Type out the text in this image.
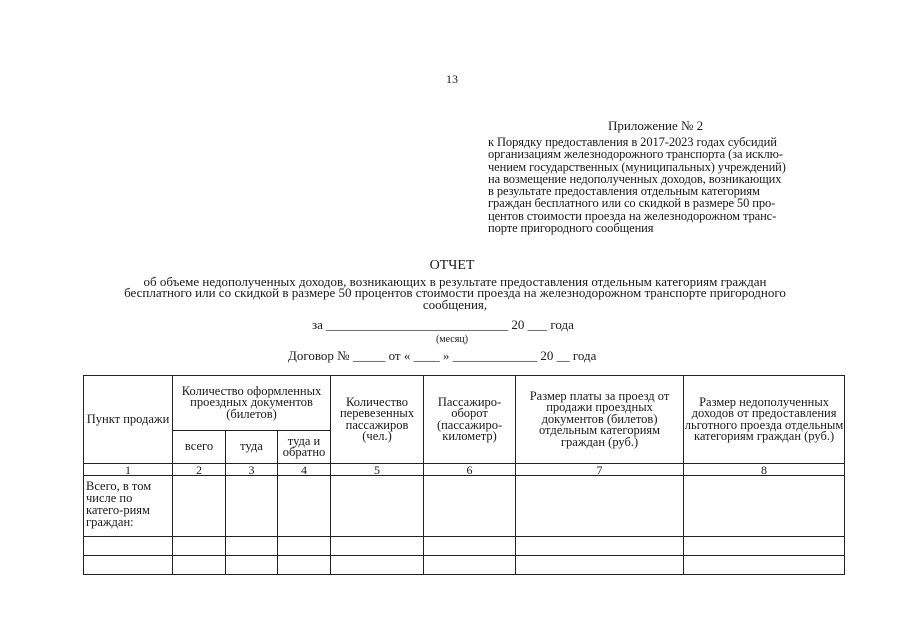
13
Приложение № 2
к Порядку предоставления в 2017-2023 годах субсидий
организациям железнодорожного транспорта (за исклю-
чением государственных (муниципальных) учреждений)
на возмещение недополученных доходов, возникающих
в результате предоставления отдельным категориям
граждан бесплатного или со скидкой в размере 50 про-
центов стоимости проезда на железнодорожном транс-
порте пригородного сообщения
ОТЧЕТ
об объеме недополученных доходов, возникающих в результате предоставления отдельным категориям граждан
бесплатного или со скидкой в размере 50 процентов стоимости проезда на железнодорожном транспорте пригородного
сообщения,
за ____________________________ 20 ___ года
(месяц)
Договор № _____ от « ____ » _____________ 20 __ года
Пункт продажи	Количество оформленных проездных документов (билетов)			Количество перевезенных пассажиров (чел.)	Пассажиро-оборот (пассажиро-километр)	Размер платы за проезд от продажи проездных документов (билетов) отдельным категориям граждан (руб.)	Размер недополученных доходов от предоставления льготного проезда отдельным категориям граждан (руб.)
	всего	туда	туда и обратно				
1	2	3	4	5	6	7	8
Всего, в том числе по катего-риям граждан:							
